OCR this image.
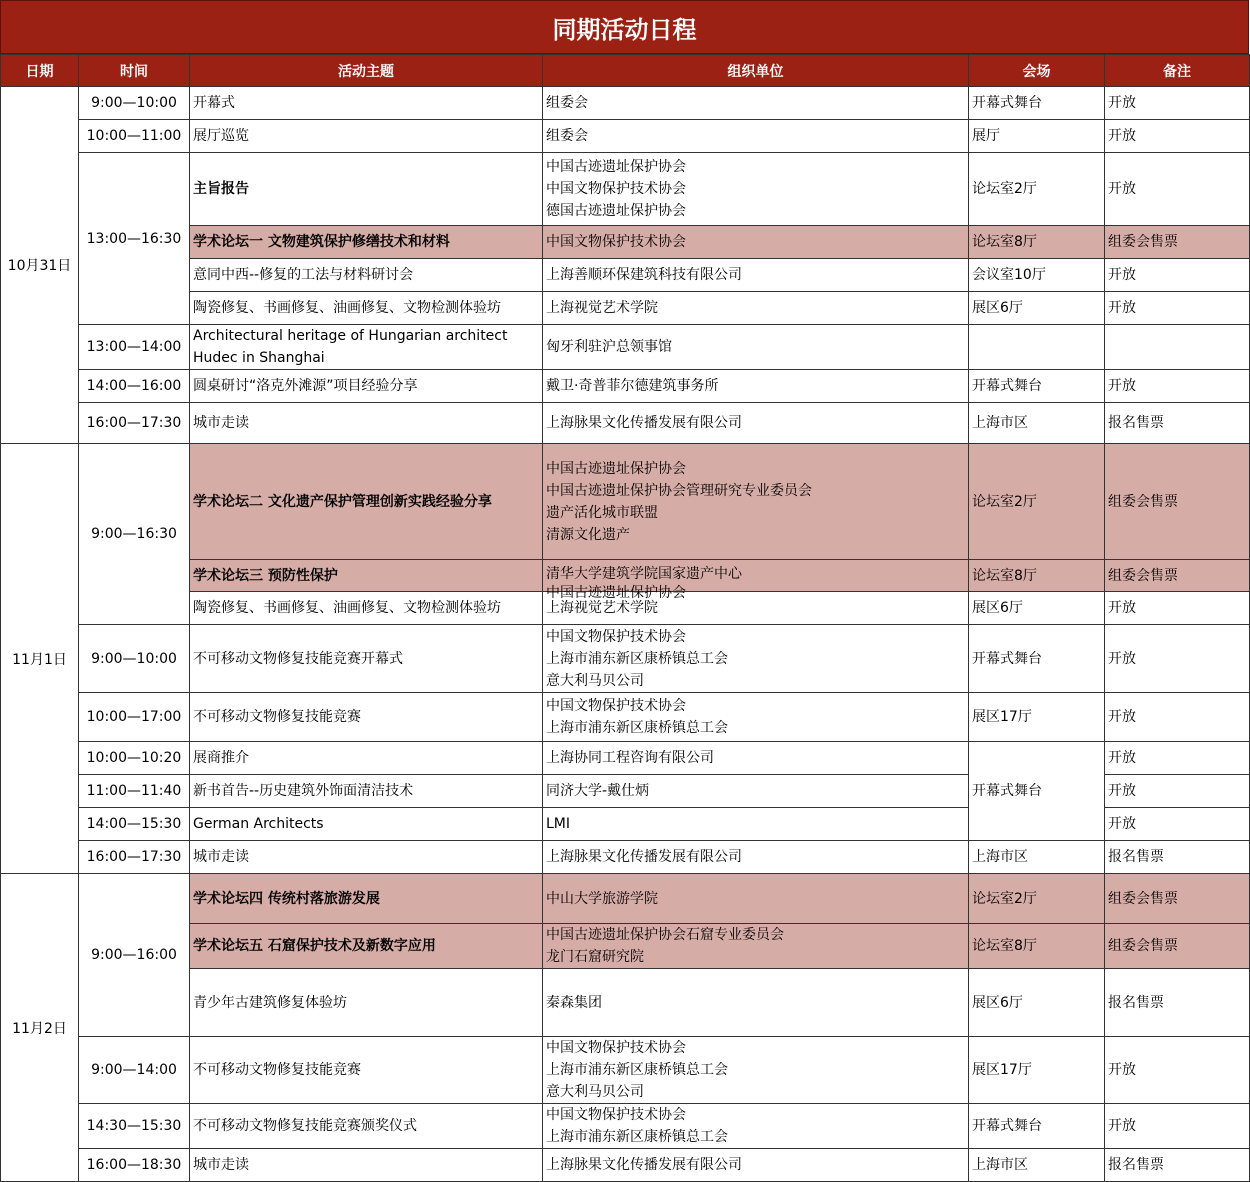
同期活动日程
日期	时间	活动主题	组织单位	会场	备注
10月31日	9:00—10:00	开幕式	组委会	开幕式舞台	开放
	10:00—11:00	展厅巡览	组委会	展厅	开放
	13:00—16:30	主旨报告	中国古迹遗址保护协会
中国文物保护技术协会
德国古迹遗址保护协会	论坛室2厅	开放
		学术论坛一 文物建筑保护修缮技术和材料	中国文物保护技术协会	论坛室8厅	组委会售票
		意同中西--修复的工法与材料研讨会	上海善顺环保建筑科技有限公司	会议室10厅	开放
		陶瓷修复、书画修复、油画修复、文物检测体验坊	上海视觉艺术学院	展区6厅	开放
	13:00—14:00	Architectural heritage of Hungarian architect Hudec in Shanghai	匈牙利驻沪总领事馆		

	14:00—16:00	圆桌研讨“洛克外滩源”项目经验分享	戴卫·奇普菲尔德建筑事务所	开幕式舞台	开放
	16:00—17:30	城市走读	上海脉果文化传播发展有限公司	上海市区	报名售票
11月1日	9:00—16:30	学术论坛二 文化遗产保护管理创新实践经验分享	中国古迹遗址保护协会
中国古迹遗址保护协会管理研究专业委员会
遗产活化城市联盟
清源文化遗产	论坛室2厅	组委会售票
		学术论坛三 预防性保护	清华大学建筑学院国家遗产中心
中国古迹遗址保护协会	论坛室8厅	组委会售票
		陶瓷修复、书画修复、油画修复、文物检测体验坊	上海视觉艺术学院	展区6厅	开放
	9:00—10:00	不可移动文物修复技能竞赛开幕式	中国文物保护技术协会
上海市浦东新区康桥镇总工会
意大利马贝公司	开幕式舞台	开放
	10:00—17:00	不可移动文物修复技能竞赛	中国文物保护技术协会
上海市浦东新区康桥镇总工会	展区17厅	开放
	10:00—10:20	展商推介	上海协同工程咨询有限公司	开幕式舞台	开放
	11:00—11:40	新书首告--历史建筑外饰面清洁技术	同济大学-戴仕炳		开放
	14:00—15:30	German Architects	LMI		开放
	16:00—17:30	城市走读	上海脉果文化传播发展有限公司	上海市区	报名售票
11月2日	9:00—16:00	学术论坛四 传统村落旅游发展	中山大学旅游学院	论坛室2厅	组委会售票
		学术论坛五 石窟保护技术及新数字应用	中国古迹遗址保护协会石窟专业委员会
龙门石窟研究院	论坛室8厅	组委会售票
		青少年古建筑修复体验坊	秦森集团	展区6厅	报名售票
	9:00—14:00	不可移动文物修复技能竞赛	中国文物保护技术协会
上海市浦东新区康桥镇总工会
意大利马贝公司	展区17厅	开放
	14:30—15:30	不可移动文物修复技能竞赛颁奖仪式	中国文物保护技术协会
上海市浦东新区康桥镇总工会	开幕式舞台	开放
	16:00—18:30	城市走读	上海脉果文化传播发展有限公司	上海市区	报名售票
